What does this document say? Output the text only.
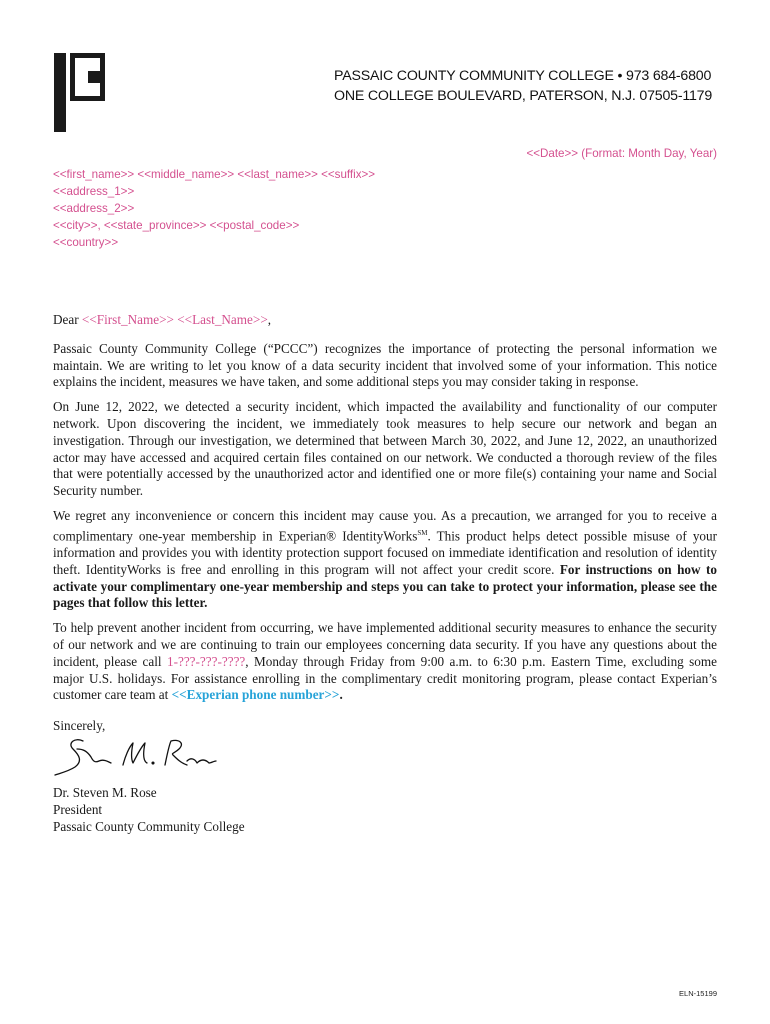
PASSAIC COUNTY COMMUNITY COLLEGE • 973 684-6800
ONE COLLEGE BOULEVARD, PATERSON, N.J. 07505-1179
<<Date>> (Format: Month Day, Year)
<<first_name>> <<middle_name>> <<last_name>> <<suffix>>
<<address_1>>
<<address_2>>
<<city>>, <<state_province>> <<postal_code>>
<<country>>

Dear <<First_Name>> <<Last_Name>>,

Passaic County Community College (“PCCC”) recognizes the importance of protecting the personal information we maintain. We are writing to let you know of a data security incident that involved some of your information. This notice explains the incident, measures we have taken, and some additional steps you may consider taking in response.

On June 12, 2022, we detected a security incident, which impacted the availability and functionality of our computer network. Upon discovering the incident, we immediately took measures to help secure our network and began an investigation. Through our investigation, we determined that between March 30, 2022, and June 12, 2022, an unauthorized actor may have accessed and acquired certain files contained on our network. We conducted a thorough review of the files that were potentially accessed by the unauthorized actor and identified one or more file(s) containing your name and Social Security number.

We regret any inconvenience or concern this incident may cause you. As a precaution, we arranged for you to receive a complimentary one-year membership in Experian® IdentityWorks℠. This product helps detect possible misuse of your information and provides you with identity protection support focused on immediate identification and resolution of identity theft. IdentityWorks is free and enrolling in this program will not affect your credit score. For instructions on how to activate your complimentary one-year membership and steps you can take to protect your information, please see the pages that follow this letter.

To help prevent another incident from occurring, we have implemented additional security measures to enhance the security of our network and we are continuing to train our employees concerning data security. If you have any questions about the incident, please call 1-???-???-????, Monday through Friday from 9:00 a.m. to 6:30 p.m. Eastern Time, excluding some major U.S. holidays. For assistance enrolling in the complimentary credit monitoring program, please contact Experian’s customer care team at <<Experian phone number>>.

Sincerely,

Dr. Steven M. Rose
President
Passaic County Community College
ELN-15199
